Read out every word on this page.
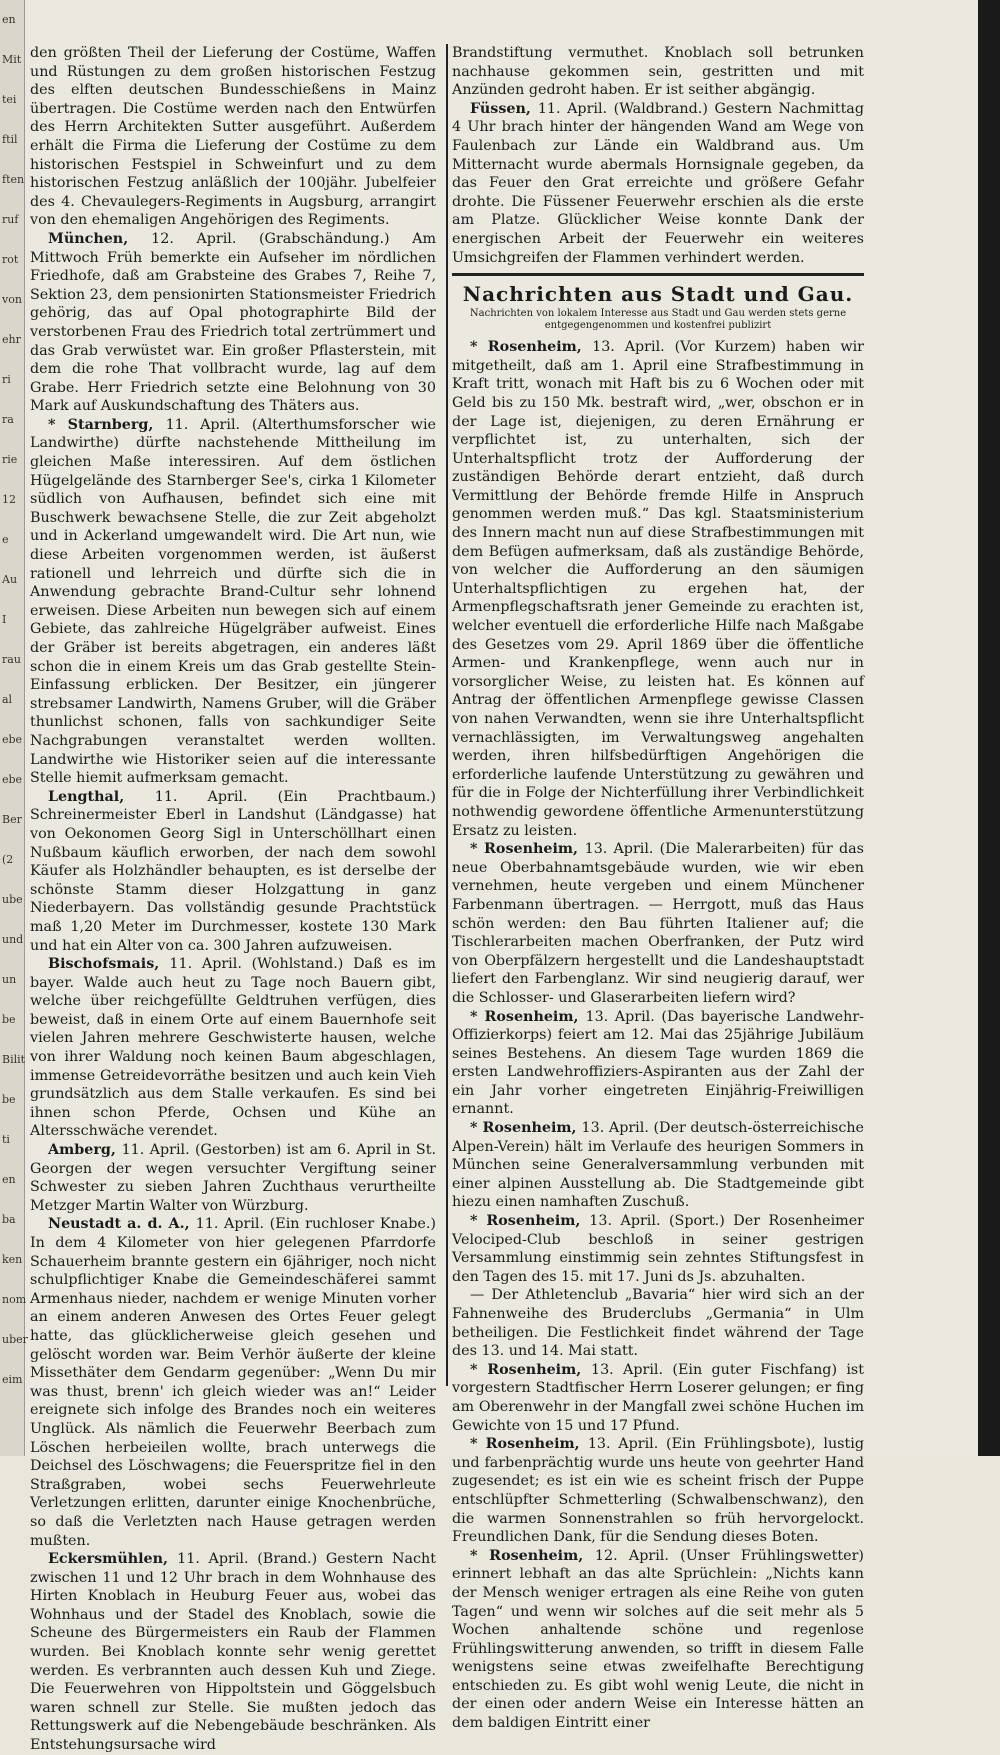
en
Mit
tei
ftil
ften
ruf
rot
von
ehr
ri
ra
rie
12
e
Au
I
rau
al
ebe
ebe
Ber
(2
ube
und
un
be
Bilit
be
ti
en
ba
ken
nom
uber
eim

den größten Theil der Lieferung der Costüme, Waffen und Rüstungen zu dem großen historischen Festzug des elften deutschen Bundesschießens in Mainz übertragen. Die Costüme werden nach den Entwürfen des Herrn Architekten Sutter ausgeführt. Außerdem erhält die Firma die Lieferung der Costüme zu dem historischen Festspiel in Schweinfurt und zu dem historischen Festzug anläßlich der 100jähr. Jubelfeier des 4. Chevaulegers-Regiments in Augsburg, arrangirt von den ehemaligen Angehörigen des Regiments.

München, 12. April. (Grabschändung.) Am Mittwoch Früh bemerkte ein Aufseher im nördlichen Friedhofe, daß am Grabsteine des Grabes 7, Reihe 7, Sektion 23, dem pensionirten Stationsmeister Friedrich gehörig, das auf Opal photographirte Bild der verstorbenen Frau des Friedrich total zertrümmert und das Grab verwüstet war. Ein großer Pflasterstein, mit dem die rohe That vollbracht wurde, lag auf dem Grabe. Herr Friedrich setzte eine Belohnung von 30 Mark auf Auskundschaftung des Thäters aus.

* Starnberg, 11. April. (Alterthumsforscher wie Landwirthe) dürfte nachstehende Mittheilung im gleichen Maße interessiren. Auf dem östlichen Hügelgelände des Starnberger See's, cirka 1 Kilometer südlich von Aufhausen, befindet sich eine mit Buschwerk bewachsene Stelle, die zur Zeit abgeholzt und in Ackerland umgewandelt wird. Die Art nun, wie diese Arbeiten vorgenommen werden, ist äußerst rationell und lehrreich und dürfte sich die in Anwendung gebrachte Brand-Cultur sehr lohnend erweisen. Diese Arbeiten nun bewegen sich auf einem Gebiete, das zahlreiche Hügelgräber aufweist. Eines der Gräber ist bereits abgetragen, ein anderes läßt schon die in einem Kreis um das Grab gestellte Stein-Einfassung erblicken. Der Besitzer, ein jüngerer strebsamer Landwirth, Namens Gruber, will die Gräber thunlichst schonen, falls von sachkundiger Seite Nachgrabungen veranstaltet werden wollten. Landwirthe wie Historiker seien auf die interessante Stelle hiemit aufmerksam gemacht.

Lengthal, 11. April. (Ein Prachtbaum.) Schreinermeister Eberl in Landshut (Ländgasse) hat von Oekonomen Georg Sigl in Unterschöllhart einen Nußbaum käuflich erworben, der nach dem sowohl Käufer als Holzhändler behaupten, es ist derselbe der schönste Stamm dieser Holzgattung in ganz Niederbayern. Das vollständig gesunde Prachtstück maß 1,20 Meter im Durchmesser, kostete 130 Mark und hat ein Alter von ca. 300 Jahren aufzuweisen.

Bischofsmais, 11. April. (Wohlstand.) Daß es im bayer. Walde auch heut zu Tage noch Bauern gibt, welche über reichgefüllte Geldtruhen verfügen, dies beweist, daß in einem Orte auf einem Bauernhofe seit vielen Jahren mehrere Geschwisterte hausen, welche von ihrer Waldung noch keinen Baum abgeschlagen, immense Getreidevorräthe besitzen und auch kein Vieh grundsätzlich aus dem Stalle verkaufen. Es sind bei ihnen schon Pferde, Ochsen und Kühe an Altersschwäche verendet.

Amberg, 11. April. (Gestorben) ist am 6. April in St. Georgen der wegen versuchter Vergiftung seiner Schwester zu sieben Jahren Zuchthaus verurtheilte Metzger Martin Walter von Würzburg.

Neustadt a. d. A., 11. April. (Ein ruchloser Knabe.) In dem 4 Kilometer von hier gelegenen Pfarrdorfe Schauerheim brannte gestern ein 6jähriger, noch nicht schulpflichtiger Knabe die Gemeindeschäferei sammt Armenhaus nieder, nachdem er wenige Minuten vorher an einem anderen Anwesen des Ortes Feuer gelegt hatte, das glücklicherweise gleich gesehen und gelöscht worden war. Beim Verhör äußerte der kleine Missethäter dem Gendarm gegenüber: „Wenn Du mir was thust, brenn' ich gleich wieder was an!“ Leider ereignete sich infolge des Brandes noch ein weiteres Unglück. Als nämlich die Feuerwehr Beerbach zum Löschen herbeieilen wollte, brach unterwegs die Deichsel des Löschwagens; die Feuerspritze fiel in den Straßgraben, wobei sechs Feuerwehrleute Verletzungen erlitten, darunter einige Knochenbrüche, so daß die Verletzten nach Hause getragen werden mußten.

Eckersmühlen, 11. April. (Brand.) Gestern Nacht zwischen 11 und 12 Uhr brach in dem Wohnhause des Hirten Knoblach in Heuburg Feuer aus, wobei das Wohnhaus und der Stadel des Knoblach, sowie die Scheune des Bürgermeisters ein Raub der Flammen wurden. Bei Knoblach konnte sehr wenig gerettet werden. Es verbrannten auch dessen Kuh und Ziege. Die Feuerwehren von Hippoltstein und Göggelsbuch waren schnell zur Stelle. Sie mußten jedoch das Rettungswerk auf die Nebengebäude beschränken. Als Entstehungsursache wird

Brandstiftung vermuthet. Knoblach soll betrunken nachhause gekommen sein, gestritten und mit Anzünden gedroht haben. Er ist seither abgängig.

Füssen, 11. April. (Waldbrand.) Gestern Nachmittag 4 Uhr brach hinter der hängenden Wand am Wege von Faulenbach zur Lände ein Waldbrand aus. Um Mitternacht wurde abermals Hornsignale gegeben, da das Feuer den Grat erreichte und größere Gefahr drohte. Die Füssener Feuerwehr erschien als die erste am Platze. Glücklicher Weise konnte Dank der energischen Arbeit der Feuerwehr ein weiteres Umsichgreifen der Flammen verhindert werden.

Nachrichten aus Stadt und Gau.
Nachrichten von lokalem Interesse aus Stadt und Gau werden stets gerne entgegengenommen und kostenfrei publizirt

* Rosenheim, 13. April. (Vor Kurzem) haben wir mitgetheilt, daß am 1. April eine Strafbestimmung in Kraft tritt, wonach mit Haft bis zu 6 Wochen oder mit Geld bis zu 150 Mk. bestraft wird, „wer, obschon er in der Lage ist, diejenigen, zu deren Ernährung er verpflichtet ist, zu unterhalten, sich der Unterhaltspflicht trotz der Aufforderung der zuständigen Behörde derart entzieht, daß durch Vermittlung der Behörde fremde Hilfe in Anspruch genommen werden muß.“ Das kgl. Staatsministerium des Innern macht nun auf diese Strafbestimmungen mit dem Befügen aufmerksam, daß als zuständige Behörde, von welcher die Aufforderung an den säumigen Unterhaltspflichtigen zu ergehen hat, der Armenpflegschaftsrath jener Gemeinde zu erachten ist, welcher eventuell die erforderliche Hilfe nach Maßgabe des Gesetzes vom 29. April 1869 über die öffentliche Armen- und Krankenpflege, wenn auch nur in vorsorglicher Weise, zu leisten hat. Es können auf Antrag der öffentlichen Armenpflege gewisse Classen von nahen Verwandten, wenn sie ihre Unterhaltspflicht vernachlässigten, im Verwaltungsweg angehalten werden, ihren hilfsbedürftigen Angehörigen die erforderliche laufende Unterstützung zu gewähren und für die in Folge der Nichterfüllung ihrer Verbindlichkeit nothwendig gewordene öffentliche Armenunterstützung Ersatz zu leisten.

* Rosenheim, 13. April. (Die Malerarbeiten) für das neue Oberbahnamtsgebäude wurden, wie wir eben vernehmen, heute vergeben und einem Münchener Farbenmann übertragen. — Herrgott, muß das Haus schön werden: den Bau führten Italiener auf; die Tischlerarbeiten machen Oberfranken, der Putz wird von Oberpfälzern hergestellt und die Landeshauptstadt liefert den Farbenglanz. Wir sind neugierig darauf, wer die Schlosser- und Glaserarbeiten liefern wird?

* Rosenheim, 13. April. (Das bayerische Landwehr-Offizierkorps) feiert am 12. Mai das 25jährige Jubiläum seines Bestehens. An diesem Tage wurden 1869 die ersten Landwehroffiziers-Aspiranten aus der Zahl der ein Jahr vorher eingetreten Einjährig-Freiwilligen ernannt.

* Rosenheim, 13. April. (Der deutsch-österreichische Alpen-Verein) hält im Verlaufe des heurigen Sommers in München seine Generalversammlung verbunden mit einer alpinen Ausstellung ab. Die Stadtgemeinde gibt hiezu einen namhaften Zuschuß.

* Rosenheim, 13. April. (Sport.) Der Rosenheimer Velociped-Club beschloß in seiner gestrigen Versammlung einstimmig sein zehntes Stiftungsfest in den Tagen des 15. mit 17. Juni ds Js. abzuhalten.

— Der Athletenclub „Bavaria“ hier wird sich an der Fahnenweihe des Bruderclubs „Germania“ in Ulm betheiligen. Die Festlichkeit findet während der Tage des 13. und 14. Mai statt.

* Rosenheim, 13. April. (Ein guter Fischfang) ist vorgestern Stadtfischer Herrn Loserer gelungen; er fing am Oberenwehr in der Mangfall zwei schöne Huchen im Gewichte von 15 und 17 Pfund.

* Rosenheim, 13. April. (Ein Frühlingsbote), lustig und farbenprächtig wurde uns heute von geehrter Hand zugesendet; es ist ein wie es scheint frisch der Puppe entschlüpfter Schmetterling (Schwalbenschwanz), den die warmen Sonnenstrahlen so früh hervorgelockt. Freundlichen Dank, für die Sendung dieses Boten.

* Rosenheim, 12. April. (Unser Frühlingswetter) erinnert lebhaft an das alte Sprüchlein: „Nichts kann der Mensch weniger ertragen als eine Reihe von guten Tagen“ und wenn wir solches auf die seit mehr als 5 Wochen anhaltende schöne und regenlose Frühlingswitterung anwenden, so trifft in diesem Falle wenigstens seine etwas zweifelhafte Berechtigung entschieden zu. Es gibt wohl wenig Leute, die nicht in der einen oder andern Weise ein Interesse hätten an dem baldigen Eintritt einer
